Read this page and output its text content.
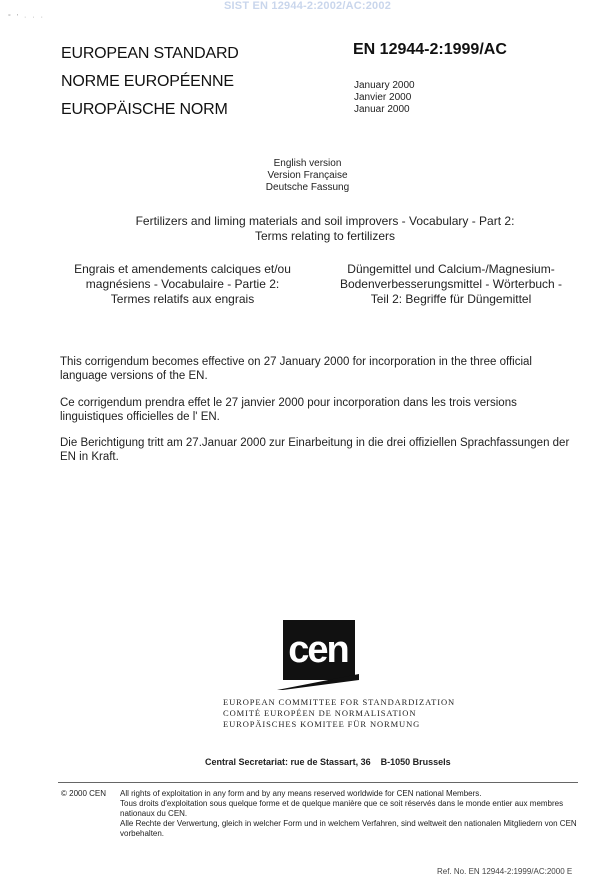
SIST EN 12944-2:2002/AC:2002
° ' · · ·
EUROPEAN STANDARD
NORME EUROPÉENNE
EUROPÄISCHE NORM
EN 12944-2:1999/AC
January 2000
Janvier 2000
Januar 2000
English version
Version Française
Deutsche Fassung
Fertilizers and liming materials and soil improvers - Vocabulary - Part 2:
Terms relating to fertilizers
Engrais et amendements calciques et/ou
magnésiens - Vocabulaire - Partie 2:
Termes relatifs aux engrais
Düngemittel und Calcium-/Magnesium-
Bodenverbesserungsmittel - Wörterbuch -
Teil 2: Begriffe für Düngemittel
This corrigendum becomes effective on 27 January 2000 for incorporation in the three official language versions of the EN.
Ce corrigendum prendra effet le 27 janvier 2000 pour incorporation dans les trois versions linguistiques officielles de l' EN.
Die Berichtigung tritt am 27.Januar 2000 zur Einarbeitung in die drei offiziellen Sprachfassungen der EN in Kraft.
cen
EUROPEAN COMMITTEE FOR STANDARDIZATION
COMITÉ EUROPÉEN DE NORMALISATION
EUROPÄISCHES KOMITEE FÜR NORMUNG
Central Secretariat: rue de Stassart, 36    B-1050 Brussels
© 2000 CEN All rights of exploitation in any form and by any means reserved worldwide for CEN national Members.
Tous droits d'exploitation sous quelque forme et de quelque manière que ce soit réservés dans le monde entier aux membres nationaux du CEN.
Alle Rechte der Verwertung, gleich in welcher Form und in welchem Verfahren, sind weltweit den nationalen Mitgliedern von CEN vorbehalten.
Ref. No. EN 12944-2:1999/AC:2000 E
